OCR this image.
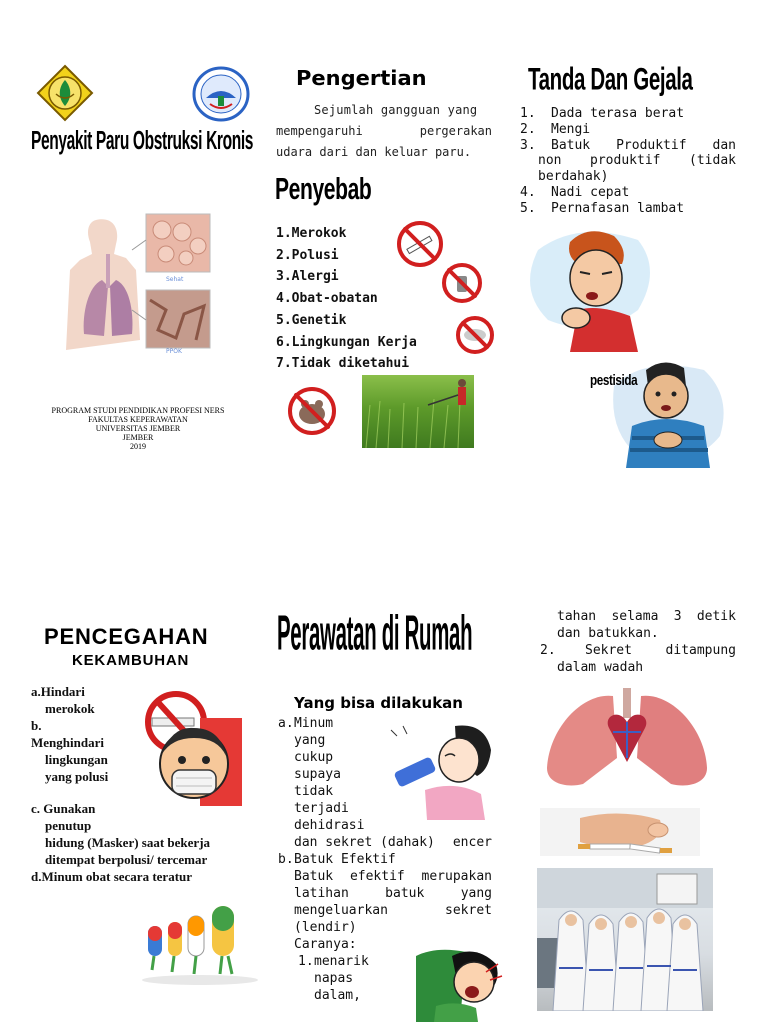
Penyakit Paru Obstruksi Kronis
Sehat
PPOK
PROGRAM STUDI PENDIDIKAN PROFESI NERS
FAKULTAS KEPERAWATAN
UNIVERSITAS JEMBER
JEMBER
2019
Pengertian
Sejumlah gangguan yang
mempengaruhi	pergerakan
udara dari dan keluar paru.
Penyebab
1.Merokok
2.Polusi
3.Alergi
4.Obat-obatan
5.Genetik
6.Lingkungan Kerja
7.Tidak diketahui
Tanda Dan Gejala
1.	Dada terasa berat
2.	Mengi
3.	Batuk Produktif dan
non produktif (tidak
berdahak)
4.	Nadi cepat
5.	Pernafasan lambat
pestisida
PENCEGAHAN
KEKAMBUHAN
a.Hindari
merokok
b.
Menghindari
lingkungan
yang polusi
c. Gunakan
penutup
hidung (Masker) saat bekerja
ditempat berpolusi/ tercemar
d.Minum obat secara teratur
Perawatan di Rumah
Yang bisa dilakukan
a. Minum
yang
cukup
supaya
tidak
terjadi
dehidrasi
dan sekret (dahak) encer
b. Batuk Efektif
Batuk efektif merupakan
latihan	batuk	yang
mengeluarkan	sekret
(lendir)
Caranya:
1. menarik
napas
dalam,
tahan selama 3 detik
dan batukkan.
2. Sekret	ditampung
dalam wadah
